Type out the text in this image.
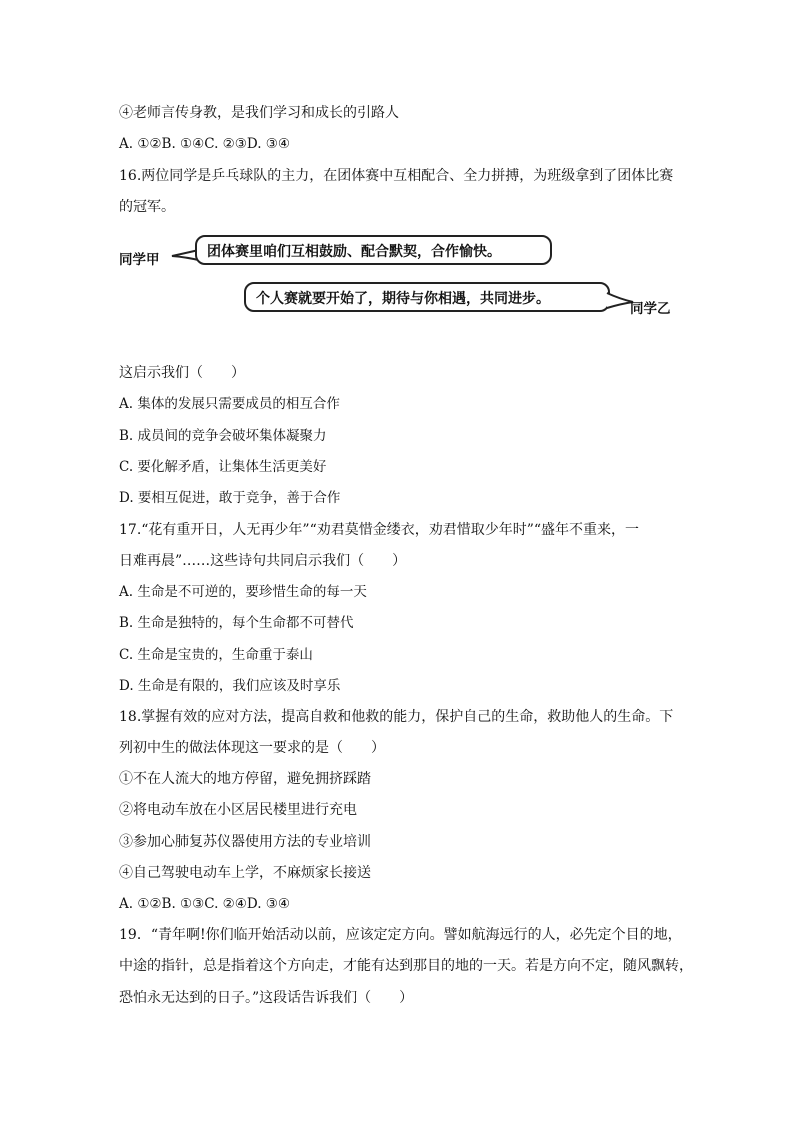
④老师言传身教，是我们学习和成长的引路人
A. ①②B. ①④C. ②③D. ③④
16.两位同学是乒乓球队的主力，在团体赛中互相配合、全力拼搏，为班级拿到了团体比赛
的冠军。
同学甲	团体赛里咱们互相鼓励、配合默契，合作愉快。
个人赛就要开始了，期待与你相遇，共同进步。
同学乙
这启示我们（　　）
A. 集体的发展只需要成员的相互合作
B. 成员间的竞争会破坏集体凝聚力
C. 要化解矛盾，让集体生活更美好
D. 要相互促进，敢于竞争，善于合作
17.“花有重开日，人无再少年”“劝君莫惜金缕衣，劝君惜取少年时”“盛年不重来，一
日难再晨”……这些诗句共同启示我们（　　）
A. 生命是不可逆的，要珍惜生命的每一天
B. 生命是独特的，每个生命都不可替代
C. 生命是宝贵的，生命重于泰山
D. 生命是有限的，我们应该及时享乐
18.掌握有效的应对方法，提高自救和他救的能力，保护自己的生命，救助他人的生命。下
列初中生的做法体现这一要求的是（　　）
①不在人流大的地方停留，避免拥挤踩踏
②将电动车放在小区居民楼里进行充电
③参加心肺复苏仪器使用方法的专业培训
④自己驾驶电动车上学，不麻烦家长接送
A. ①②B. ①③C. ②④D. ③④
19．“青年啊!你们临开始活动以前，应该定定方向。譬如航海远行的人，必先定个目的地，
中途的指针，总是指着这个方向走，才能有达到那目的地的一天。若是方向不定，随风飘转，
恐怕永无达到的日子。”这段话告诉我们（　　）
